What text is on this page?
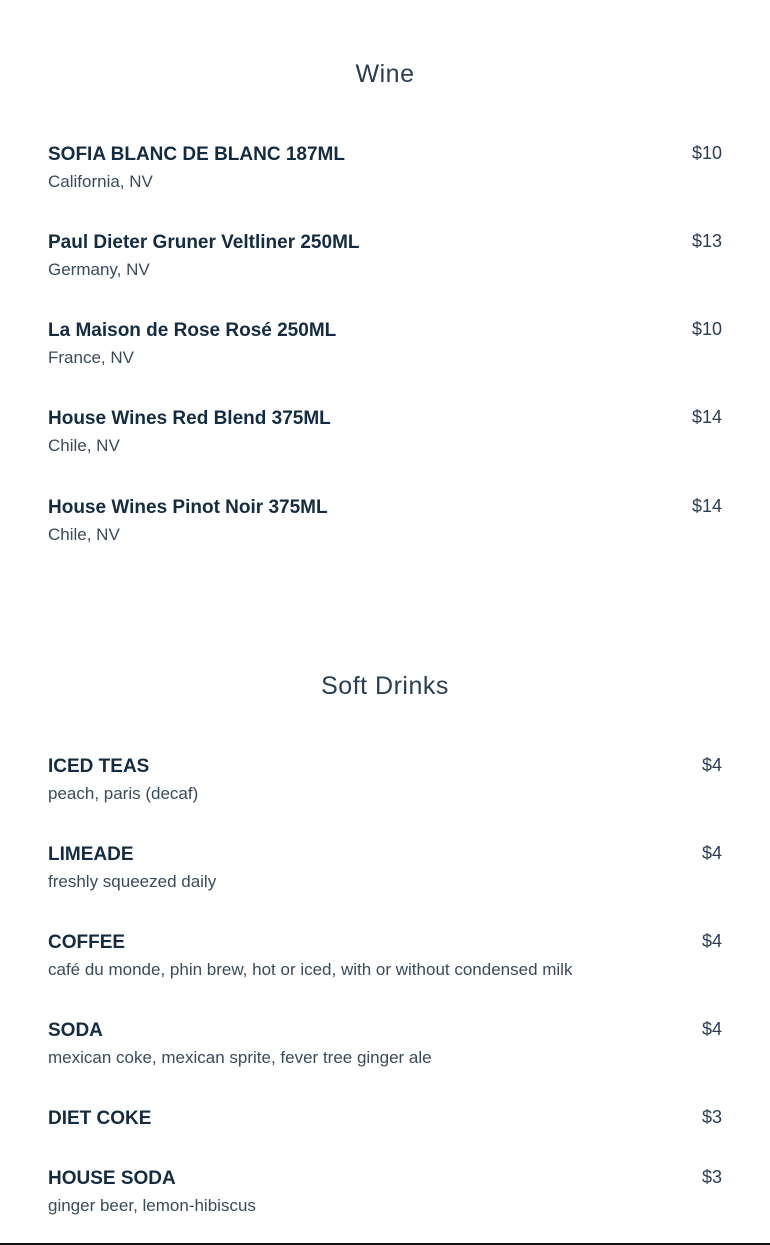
Wine
SOFIA BLANC DE BLANC 187ML
California, NV
$10
Paul Dieter Gruner Veltliner 250ML
Germany, NV
$13
La Maison de Rose Rosé 250ML
France, NV
$10
House Wines Red Blend 375ML
Chile, NV
$14
House Wines Pinot Noir 375ML
Chile, NV
$14
Soft Drinks
ICED TEAS
peach, paris (decaf)
$4
LIMEADE
freshly squeezed daily
$4
COFFEE
café du monde, phin brew, hot or iced, with or without condensed milk
$4
SODA
mexican coke, mexican sprite, fever tree ginger ale
$4
DIET COKE	$3
HOUSE SODA
ginger beer, lemon-hibiscus
$3
